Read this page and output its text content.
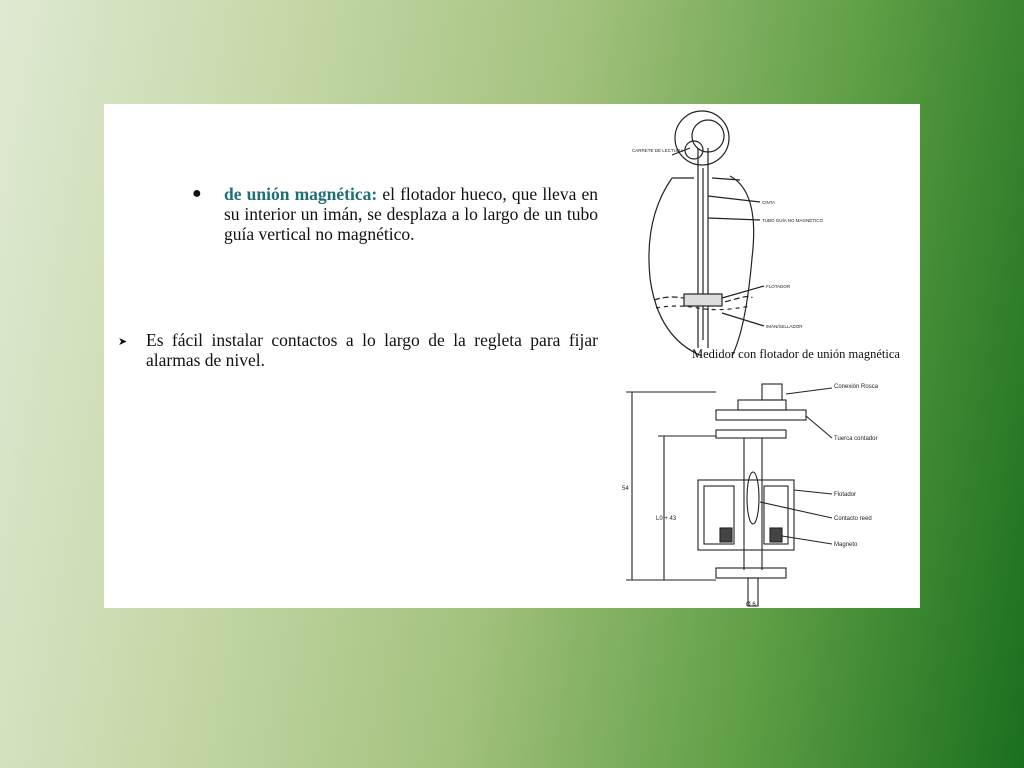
● de unión magnética: el flotador hueco, que lleva en su interior un imán, se desplaza a lo largo de un tubo guía vertical no magnético.
➤	Es fácil instalar contactos a lo largo de la regleta para fijar alarmas de nivel.
CARRETE DE LECTURA
CINTA
TUBO GUÍA NO MAGNÉTICO
FLOTADOR
IMÁN/SELLADOR
Medidor con flotador de unión magnética
Conexión Rosca
Tuerca contador
Flotador
Contacto reed
Magneto
54
L0 + 43
Ø 6
